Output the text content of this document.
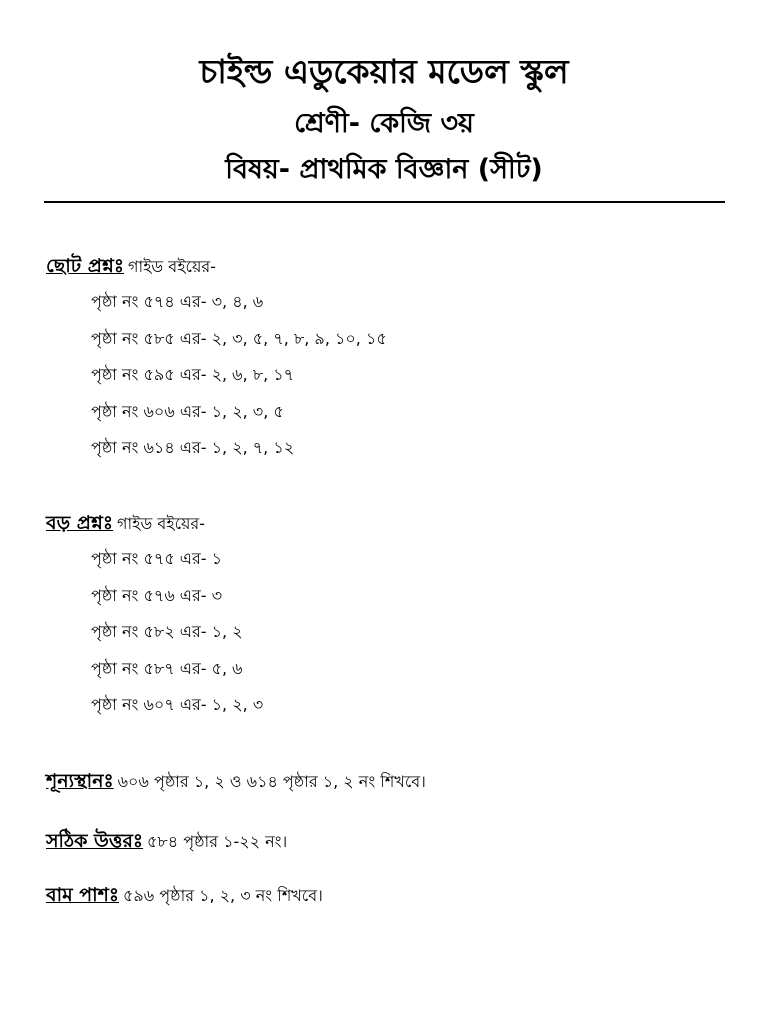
চাইল্ড এডুকেয়ার মডেল স্কুল
শ্রেণী- কেজি ৩য়
বিষয়- প্রাথমিক বিজ্ঞান (সীট)
ছোট প্রশ্নঃ গাইড বইয়ের-
পৃষ্ঠা নং ৫৭৪ এর- ৩, ৪, ৬
পৃষ্ঠা নং ৫৮৫ এর- ২, ৩, ৫, ৭, ৮, ৯, ১০, ১৫
পৃষ্ঠা নং ৫৯৫ এর- ২, ৬, ৮, ১৭
পৃষ্ঠা নং ৬০৬ এর- ১, ২, ৩, ৫
পৃষ্ঠা নং ৬১৪ এর- ১, ২, ৭, ১২
বড় প্রশ্নঃ গাইড বইয়ের-
পৃষ্ঠা নং ৫৭৫ এর- ১
পৃষ্ঠা নং ৫৭৬ এর- ৩
পৃষ্ঠা নং ৫৮২ এর- ১, ২
পৃষ্ঠা নং ৫৮৭ এর- ৫, ৬
পৃষ্ঠা নং ৬০৭ এর- ১, ২, ৩
শূন্যস্থানঃ ৬০৬ পৃষ্ঠার ১, ২ ও ৬১৪ পৃষ্ঠার ১, ২ নং শিখবে।
সঠিক উত্তরঃ ৫৮৪ পৃষ্ঠার ১-২২ নং।
বাম পাশঃ ৫৯৬ পৃষ্ঠার ১, ২, ৩ নং শিখবে।
